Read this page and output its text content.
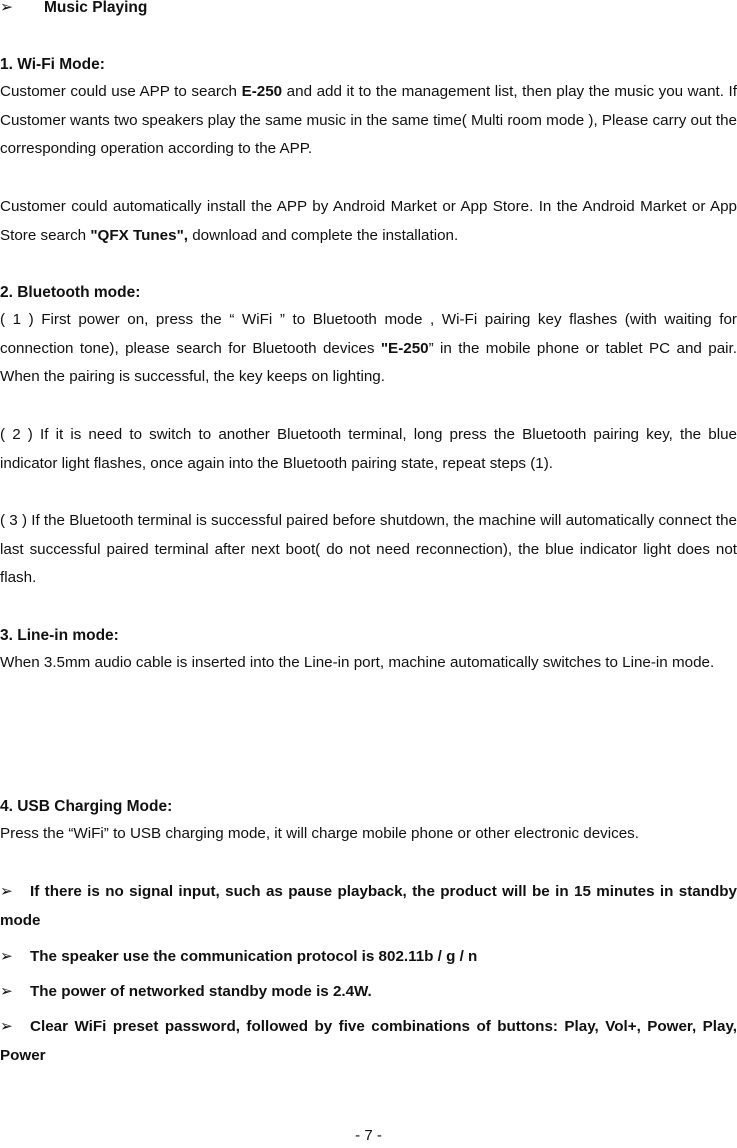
➢ Music Playing

1. Wi-Fi Mode:

Customer could use APP to search E-250 and add it to the management list, then play the music you want. If Customer wants two speakers play the same music in the same time( Multi room mode ), Please carry out the corresponding operation according to the APP.

Customer could automatically install the APP by Android Market or App Store. In the Android Market or App Store search "QFX Tunes", download and complete the installation.

2. Bluetooth mode:

( 1 ) First power on, press the “ WiFi ” to Bluetooth mode , Wi-Fi pairing key flashes (with waiting for connection tone), please search for Bluetooth devices "E-250” in the mobile phone or tablet PC and pair. When the pairing is successful, the key keeps on lighting.

( 2 ) If it is need to switch to another Bluetooth terminal, long press the Bluetooth pairing key, the blue indicator light flashes, once again into the Bluetooth pairing state, repeat steps (1).

( 3 ) If the Bluetooth terminal is successful paired before shutdown, the machine will automatically connect the last successful paired terminal after next boot( do not need reconnection), the blue indicator light does not flash.

3. Line-in mode:

When 3.5mm audio cable is inserted into the Line-in port, machine automatically switches to Line-in mode.

4. USB Charging Mode:

Press the “WiFi” to USB charging mode, it will charge mobile phone or other electronic devices.

➢ If there is no signal input, such as pause playback, the product will be in 15 minutes in standby mode

➢ The speaker use the communication protocol is 802.11b / g / n

➢ The power of networked standby mode is 2.4W.

➢ Clear WiFi preset password, followed by five combinations of buttons: Play, Vol+, Power, Play, Power

- 7 -
